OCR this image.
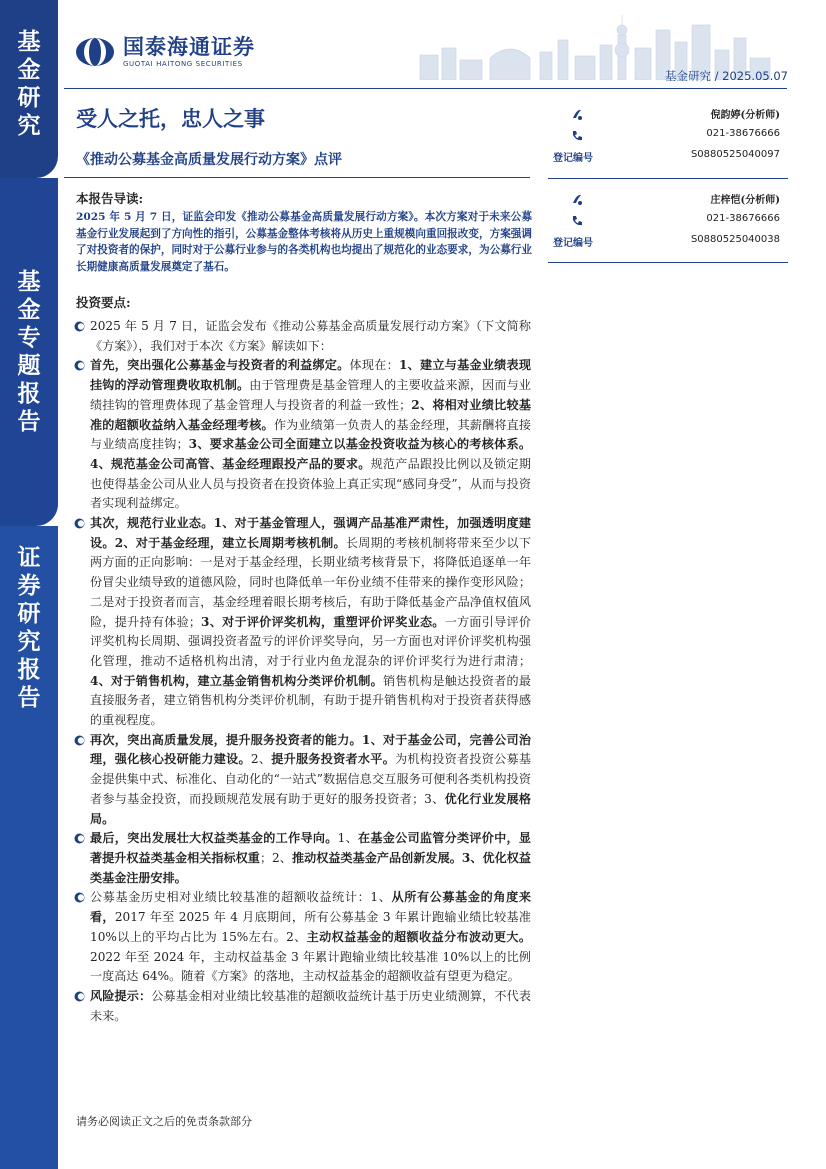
基
金
研
究
基
金
专
题
报
告
证
券
研
究
报
告
国泰海通证券
GUOTAI HAITONG SECURITIES
基金研究 / 2025.05.07
受人之托，忠人之事
《推动公募基金高质量发展行动方案》点评
倪韵婷(分析师)
021-38676666
登记编号	S0880525040097
庄梓恺(分析师)
021-38676666
登记编号	S0880525040038
本报告导读:
2025 年 5 月 7 日，证监会印发《推动公募基金高质量发展行动方案》。本次方案对于未来公募基金行业发展起到了方向性的指引，公募基金整体考核将从历史上重规模向重回报改变，方案强调了对投资者的保护，同时对于公募行业参与的各类机构也均提出了规范化的业态要求，为公募行业长期健康高质量发展奠定了基石。
投资要点:
2025 年 5 月 7 日，证监会发布《推动公募基金高质量发展行动方案》（下文简称《方案》），我们对于本次《方案》解读如下：
首先，突出强化公募基金与投资者的利益绑定。体现在：1、建立与基金业绩表现挂钩的浮动管理费收取机制。由于管理费是基金管理人的主要收益来源，因而与业绩挂钩的管理费体现了基金管理人与投资者的利益一致性；2、将相对业绩比较基准的超额收益纳入基金经理考核。作为业绩第一负责人的基金经理，其薪酬将直接与业绩高度挂钩；3、要求基金公司全面建立以基金投资收益为核心的考核体系。4、规范基金公司高管、基金经理跟投产品的要求。规范产品跟投比例以及锁定期也使得基金公司从业人员与投资者在投资体验上真正实现“感同身受”，从而与投资者实现利益绑定。
其次，规范行业业态。1、对于基金管理人，强调产品基准严肃性，加强透明度建设。2、对于基金经理，建立长周期考核机制。长周期的考核机制将带来至少以下两方面的正向影响：一是对于基金经理，长期业绩考核背景下，将降低追逐单一年份冒尖业绩导致的道德风险，同时也降低单一年份业绩不佳带来的操作变形风险；二是对于投资者而言，基金经理着眼长期考核后，有助于降低基金产品净值权值风险，提升持有体验；3、对于评价评奖机构，重塑评价评奖业态。一方面引导评价评奖机构长周期、强调投资者盈亏的评价评奖导向，另一方面也对评价评奖机构强化管理，推动不适格机构出清，对于行业内鱼龙混杂的评价评奖行为进行肃清；4、对于销售机构，建立基金销售机构分类评价机制。销售机构是触达投资者的最直接服务者，建立销售机构分类评价机制，有助于提升销售机构对于投资者获得感的重视程度。
再次，突出高质量发展，提升服务投资者的能力。1、对于基金公司，完善公司治理，强化核心投研能力建设。2、提升服务投资者水平。为机构投资者投资公募基金提供集中式、标准化、自动化的“一站式”数据信息交互服务可便利各类机构投资者参与基金投资，而投顾规范发展有助于更好的服务投资者；3、优化行业发展格局。
最后，突出发展壮大权益类基金的工作导向。1、在基金公司监管分类评价中，显著提升权益类基金相关指标权重；2、推动权益类基金产品创新发展。3、优化权益类基金注册安排。
公募基金历史相对业绩比较基准的超额收益统计：1、从所有公募基金的角度来看，2017 年至 2025 年 4 月底期间，所有公募基金 3 年累计跑输业绩比较基准 10%以上的平均占比为 15%左右。2、主动权益基金的超额收益分布波动更大。2022 年至 2024 年，主动权益基金 3 年累计跑输业绩比较基准 10%以上的比例一度高达 64%。随着《方案》的落地，主动权益基金的超额收益有望更为稳定。
风险提示：公募基金相对业绩比较基准的超额收益统计基于历史业绩测算，不代表未来。
请务必阅读正文之后的免责条款部分
